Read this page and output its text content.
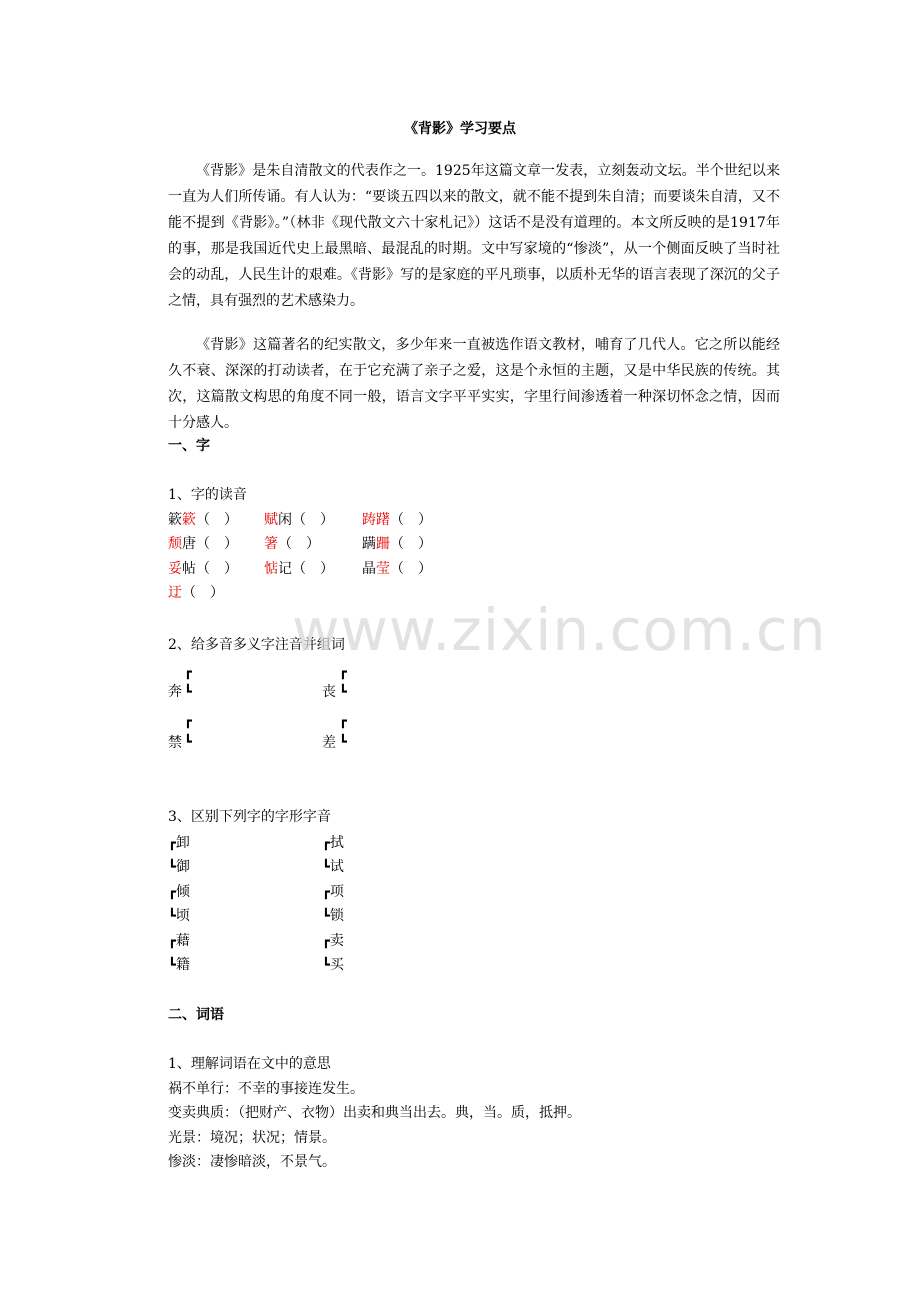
《背影》学习要点
《背影》是朱自清散文的代表作之一。1925年这篇文章一发表，立刻轰动文坛。半个世纪以来一直为人们所传诵。有人认为：“要谈五四以来的散文，就不能不提到朱自清；而要谈朱自清，又不能不提到《背影》。”（林非《现代散文六十家札记》）这话不是没有道理的。本文所反映的是1917年的事，那是我国近代史上最黑暗、最混乱的时期。文中写家境的“惨淡”，从一个侧面反映了当时社会的动乱，人民生计的艰难。《背影》写的是家庭的平凡琐事，以质朴无华的语言表现了深沉的父子之情，具有强烈的艺术感染力。
《背影》这篇著名的纪实散文，多少年来一直被选作语文教材，哺育了几代人。它之所以能经久不衰、深深的打动读者，在于它充满了亲子之爱，这是个永恒的主题，又是中华民族的传统。其次，这篇散文构思的角度不同一般，语言文字平平实实，字里行间渗透着一种深切怀念之情，因而十分感人。
一、字
1、字的读音
簌簌（　） 赋闲（　） 踌躇（　）
颓唐（　） 箸（　）	蹒跚（　）
妥帖（　） 惦记（　） 晶莹（　）
迂（　）
2、给多音多义字注音并组词
┏
奔 ┗
┏
丧 ┗
┏
禁 ┗
┏
差 ┗
3、区别下列字的字形字音
┏卸
┗御
┏拭
┗试
┏倾
┗顷
┏项
┗锁
┏藉
┗籍
┏卖
┗买
二、词语
1、理解词语在文中的意思
祸不单行：不幸的事接连发生。
变卖典质：（把财产、衣物）出卖和典当出去。典，当。质，抵押。
光景：境况；状况；情景。
惨淡：凄惨暗淡，不景气。
www.zixin.com.cn
